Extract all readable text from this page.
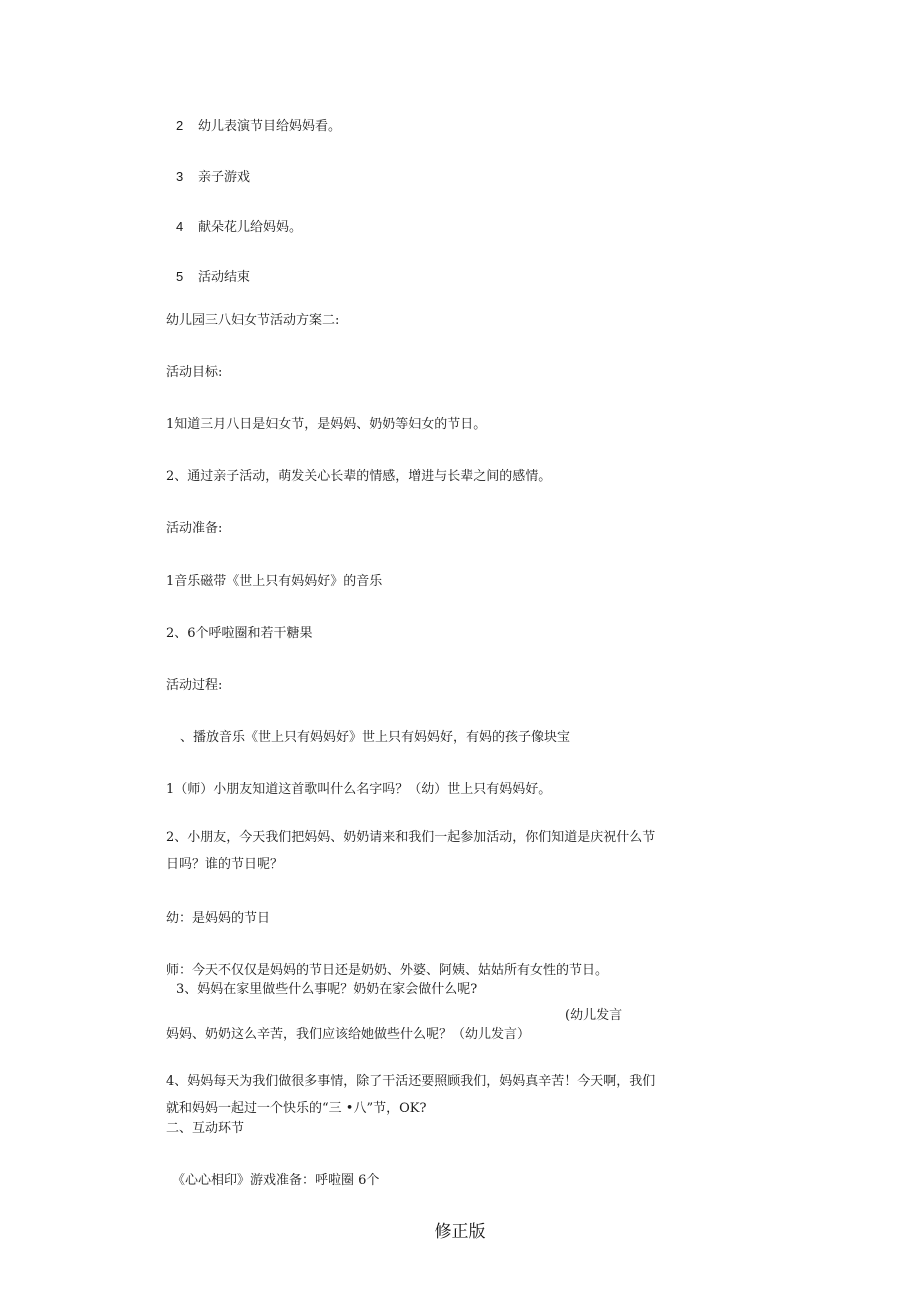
2 幼儿表演节目给妈妈看。
3 亲子游戏
4 献朵花儿给妈妈。
5 活动结束
幼儿园三八妇女节活动方案二:
活动目标:
1知道三月八日是妇女节，是妈妈、奶奶等妇女的节日。
2、通过亲子活动，萌发关心长辈的情感，增进与长辈之间的感情。
活动准备:
1音乐磁带《世上只有妈妈好》的音乐
2、6个呼啦圈和若干糖果
活动过程:
、播放音乐《世上只有妈妈好》世上只有妈妈好，有妈的孩子像块宝
1（师）小朋友知道这首歌叫什么名字吗？（幼）世上只有妈妈好。
2、小朋友，今天我们把妈妈、奶奶请来和我们一起参加活动，你们知道是庆祝什么节
日吗？谁的节日呢？
幼：是妈妈的节日
师：今天不仅仅是妈妈的节日还是奶奶、外婆、阿姨、姑姑所有女性的节日。
3、妈妈在家里做些什么事呢？奶奶在家会做什么呢?
(幼儿发言
妈妈、奶奶这么辛苦，我们应该给她做些什么呢？（幼儿发言）
4、妈妈每天为我们做很多事情，除了干活还要照顾我们，妈妈真辛苦！今天啊，我们
就和妈妈一起过一个快乐的“三 •八”节，OK?
二、互动环节
《心心相印》游戏准备：呼啦圈 6个
修正版
